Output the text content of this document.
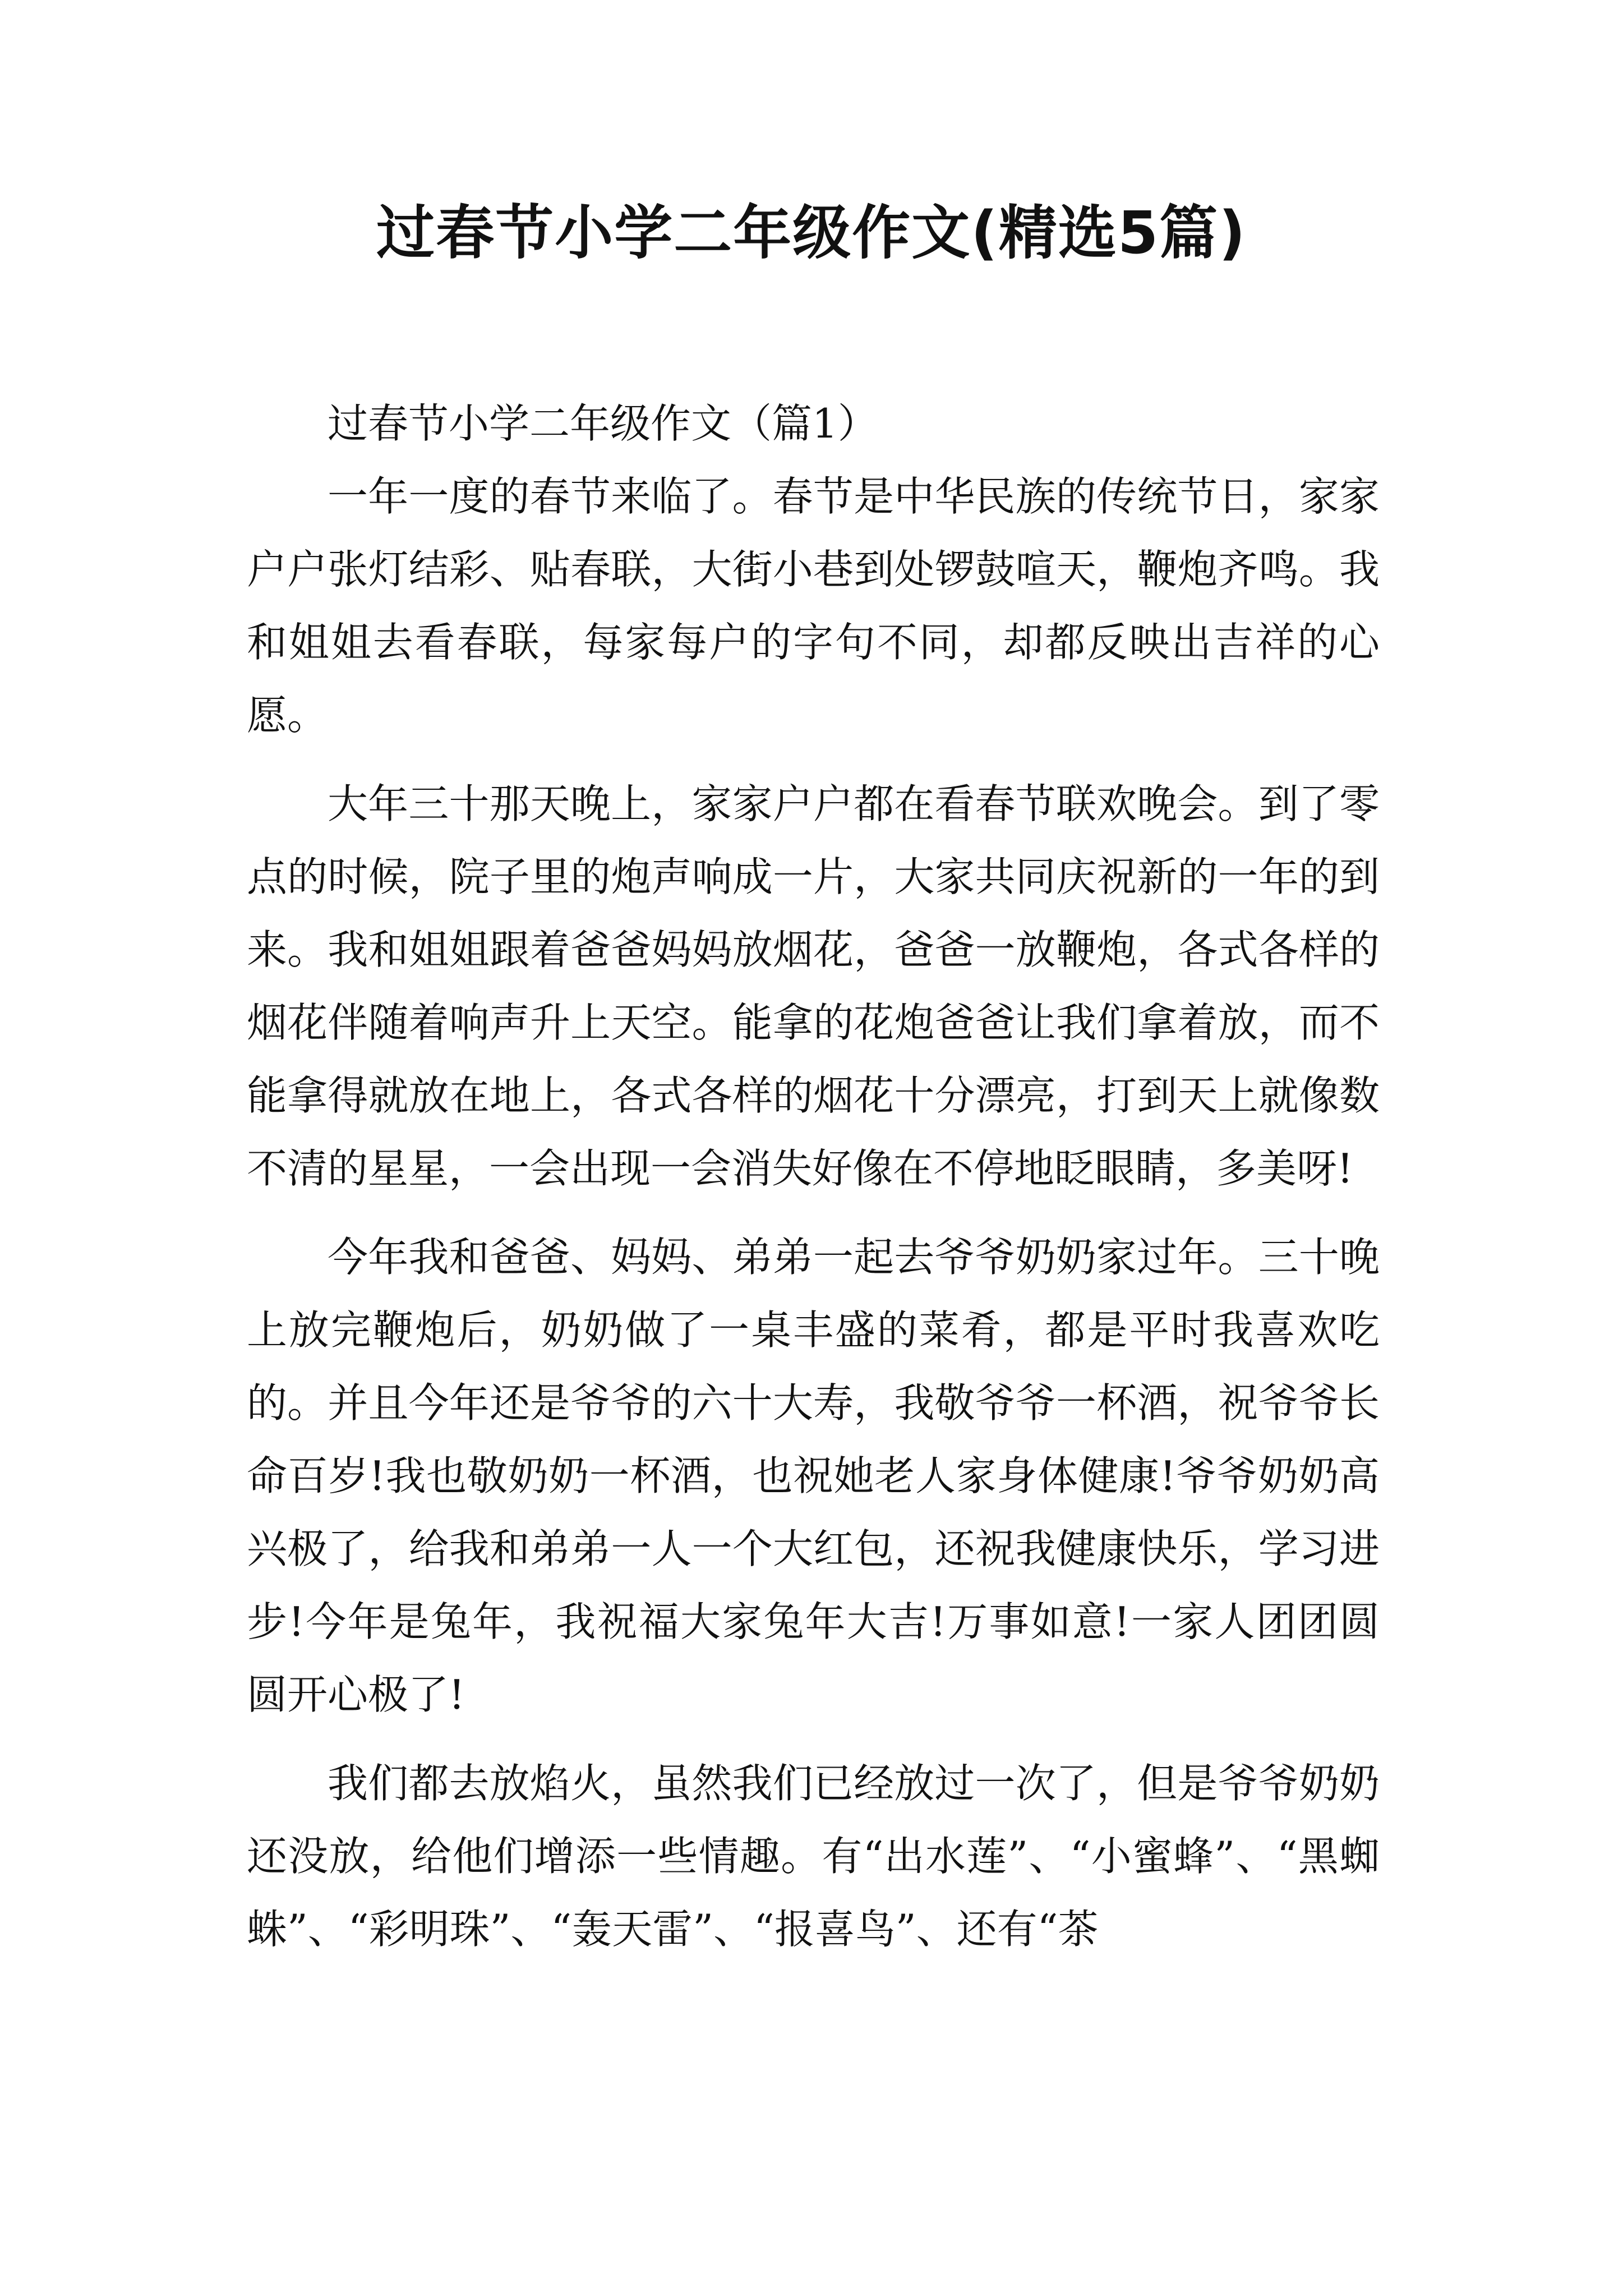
过春节小学二年级作文(精选5篇)

过春节小学二年级作文（篇1）

一年一度的春节来临了。春节是中华民族的传统节日，家家户户张灯结彩、贴春联，大街小巷到处锣鼓喧天，鞭炮齐鸣。我和姐姐去看春联，每家每户的字句不同，却都反映出吉祥的心愿。

大年三十那天晚上，家家户户都在看春节联欢晚会。到了零点的时候，院子里的炮声响成一片，大家共同庆祝新的一年的到来。我和姐姐跟着爸爸妈妈放烟花，爸爸一放鞭炮，各式各样的烟花伴随着响声升上天空。能拿的花炮爸爸让我们拿着放，而不能拿得就放在地上，各式各样的烟花十分漂亮，打到天上就像数不清的星星，一会出现一会消失好像在不停地眨眼睛，多美呀!

今年我和爸爸、妈妈、弟弟一起去爷爷奶奶家过年。三十晚上放完鞭炮后，奶奶做了一桌丰盛的菜肴，都是平时我喜欢吃的。并且今年还是爷爷的六十大寿，我敬爷爷一杯酒，祝爷爷长命百岁!我也敬奶奶一杯酒，也祝她老人家身体健康!爷爷奶奶高兴极了，给我和弟弟一人一个大红包，还祝我健康快乐，学习进步!今年是兔年，我祝福大家兔年大吉!万事如意!一家人团团圆圆开心极了!

我们都去放焰火，虽然我们已经放过一次了，但是爷爷奶奶还没放，给他们增添一些情趣。有“出水莲”、“小蜜蜂”、“黑蜘蛛”、“彩明珠”、“轰天雷”、“报喜鸟”、还有“茶
